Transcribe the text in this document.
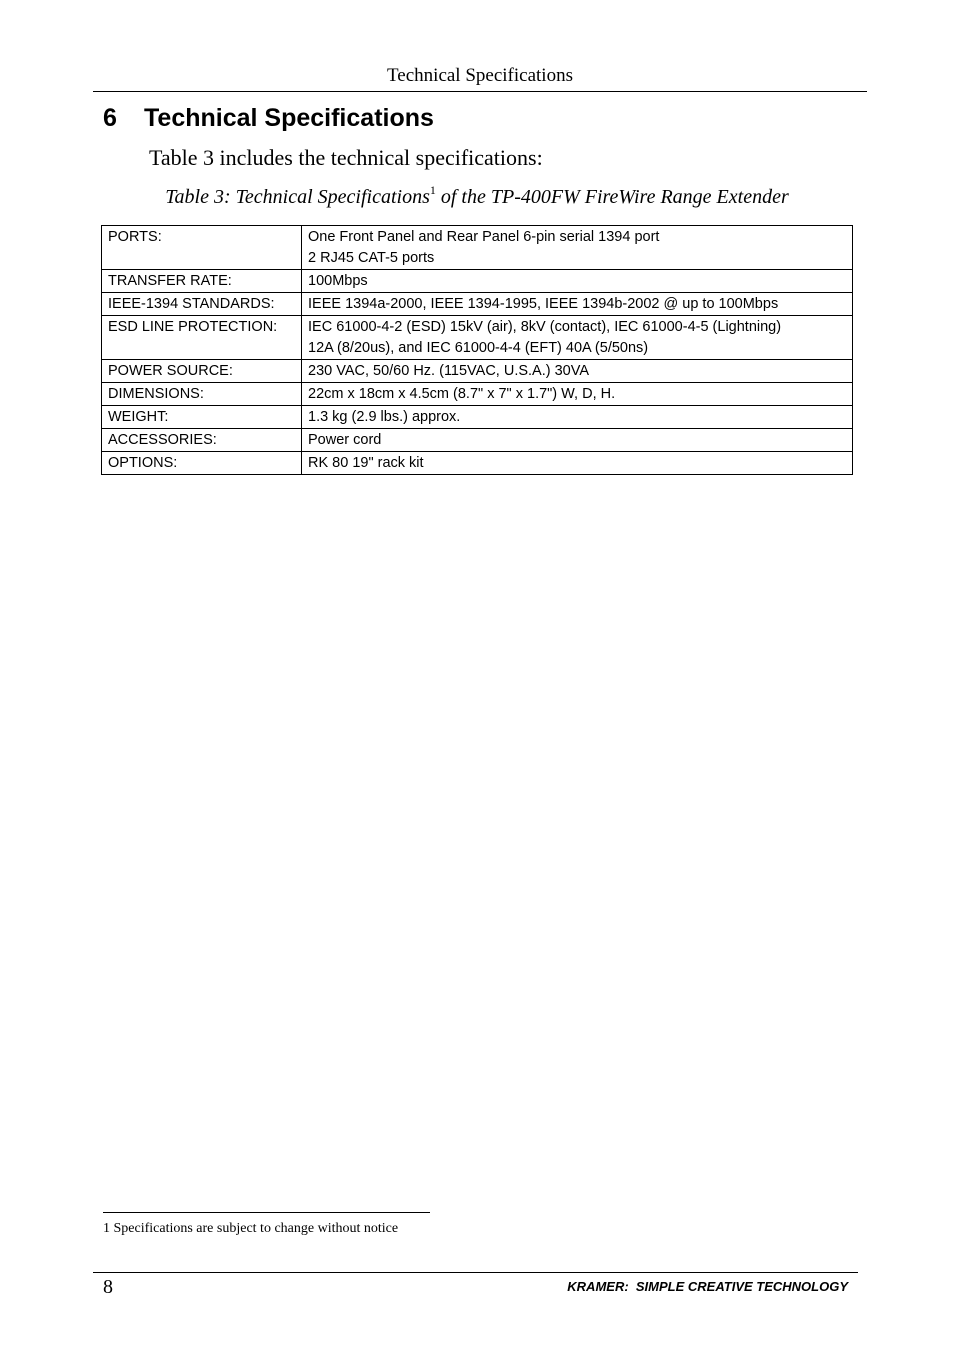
Technical Specifications
6 Technical Specifications
Table 3 includes the technical specifications:
Table 3: Technical Specifications$^1$ of the TP-400FW FireWire Range Extender
PORTS:	One Front Panel and Rear Panel 6-pin serial 1394 port
2 RJ45 CAT-5 ports

TRANSFER RATE:	100Mbps

IEEE-1394 STANDARDS:	IEEE 1394a-2000, IEEE 1394-1995, IEEE 1394b-2002 @ up to 100Mbps

ESD LINE PROTECTION:	IEC 61000-4-2 (ESD) 15kV (air), 8kV (contact), IEC 61000-4-5 (Lightning)
12A (8/20us), and IEC 61000-4-4 (EFT) 40A (5/50ns)

POWER SOURCE:	230 VAC, 50/60 Hz. (115VAC, U.S.A.) 30VA

DIMENSIONS:	22cm x 18cm x 4.5cm (8.7" x 7" x 1.7") W, D, H.

WEIGHT:	1.3 kg (2.9 lbs.) approx.

ACCESSORIES:	Power cord

OPTIONS:	RK 80 19" rack kit
1 Specifications are subject to change without notice
8	KRAMER:  SIMPLE CREATIVE TECHNOLOGY
